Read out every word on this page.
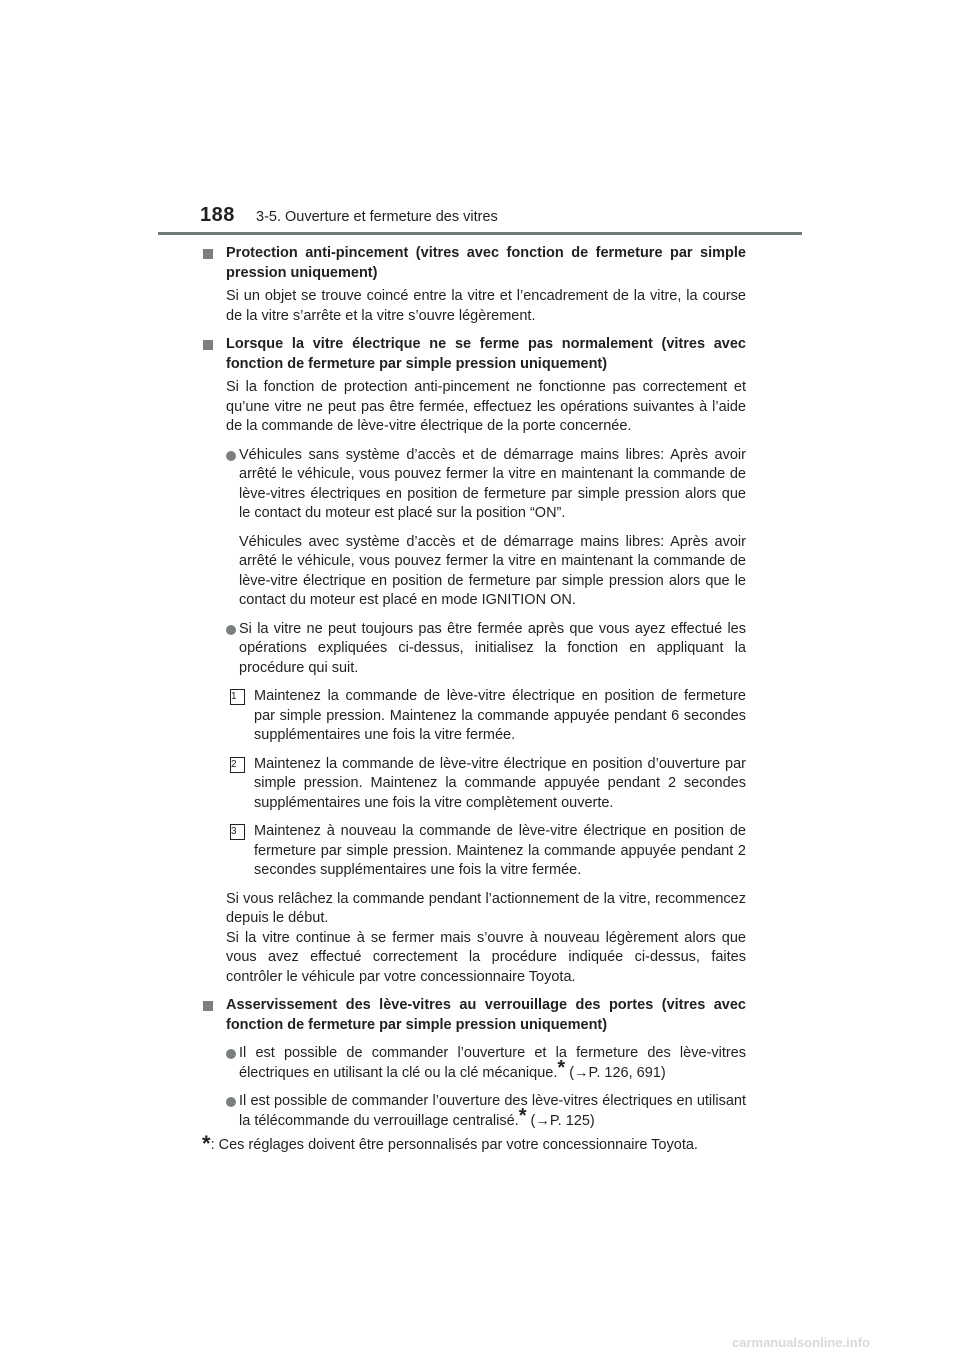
188 3-5. Ouverture et fermeture des vitres
Protection anti-pincement (vitres avec fonction de fermeture par simple pression uniquement)
Si un objet se trouve coincé entre la vitre et l’encadrement de la vitre, la course de la vitre s’arrête et la vitre s’ouvre légèrement.
Lorsque la vitre électrique ne se ferme pas normalement (vitres avec fonction de fermeture par simple pression uniquement)
Si la fonction de protection anti-pincement ne fonctionne pas correctement et qu’une vitre ne peut pas être fermée, effectuez les opérations suivantes à l’aide de la commande de lève-vitre électrique de la porte concernée.
Véhicules sans système d’accès et de démarrage mains libres: Après avoir arrêté le véhicule, vous pouvez fermer la vitre en maintenant la commande de lève-vitres électriques en position de fermeture par simple pression alors que le contact du moteur est placé sur la position “ON”.
Véhicules avec système d’accès et de démarrage mains libres: Après avoir arrêté le véhicule, vous pouvez fermer la vitre en maintenant la commande de lève-vitre électrique en position de fermeture par simple pression alors que le contact du moteur est placé en mode IGNITION ON.
Si la vitre ne peut toujours pas être fermée après que vous ayez effectué les opérations expliquées ci-dessus, initialisez la fonction en appliquant la procédure qui suit.
1	Maintenez la commande de lève-vitre électrique en position de fermeture par simple pression. Maintenez la commande appuyée pendant 6 secondes supplémentaires une fois la vitre fermée.
2	Maintenez la commande de lève-vitre électrique en position d’ouverture par simple pression. Maintenez la commande appuyée pendant 2 secondes supplémentaires une fois la vitre complètement ouverte.
3	Maintenez à nouveau la commande de lève-vitre électrique en position de fermeture par simple pression. Maintenez la commande appuyée pendant 2 secondes supplémentaires une fois la vitre fermée.
Si vous relâchez la commande pendant l’actionnement de la vitre, recommencez depuis le début.
Si la vitre continue à se fermer mais s’ouvre à nouveau légèrement alors que vous avez effectué correctement la procédure indiquée ci-dessus, faites contrôler le véhicule par votre concessionnaire Toyota.
Asservissement des lève-vitres au verrouillage des portes (vitres avec fonction de fermeture par simple pression uniquement)
Il est possible de commander l’ouverture et la fermeture des lève-vitres électriques en utilisant la clé ou la clé mécanique.* (→P. 126, 691)
Il est possible de commander l’ouverture des lève-vitres électriques en utilisant la télécommande du verrouillage centralisé.* (→P. 125)
*: Ces réglages doivent être personnalisés par votre concessionnaire Toyota.
carmanualsonline.info
